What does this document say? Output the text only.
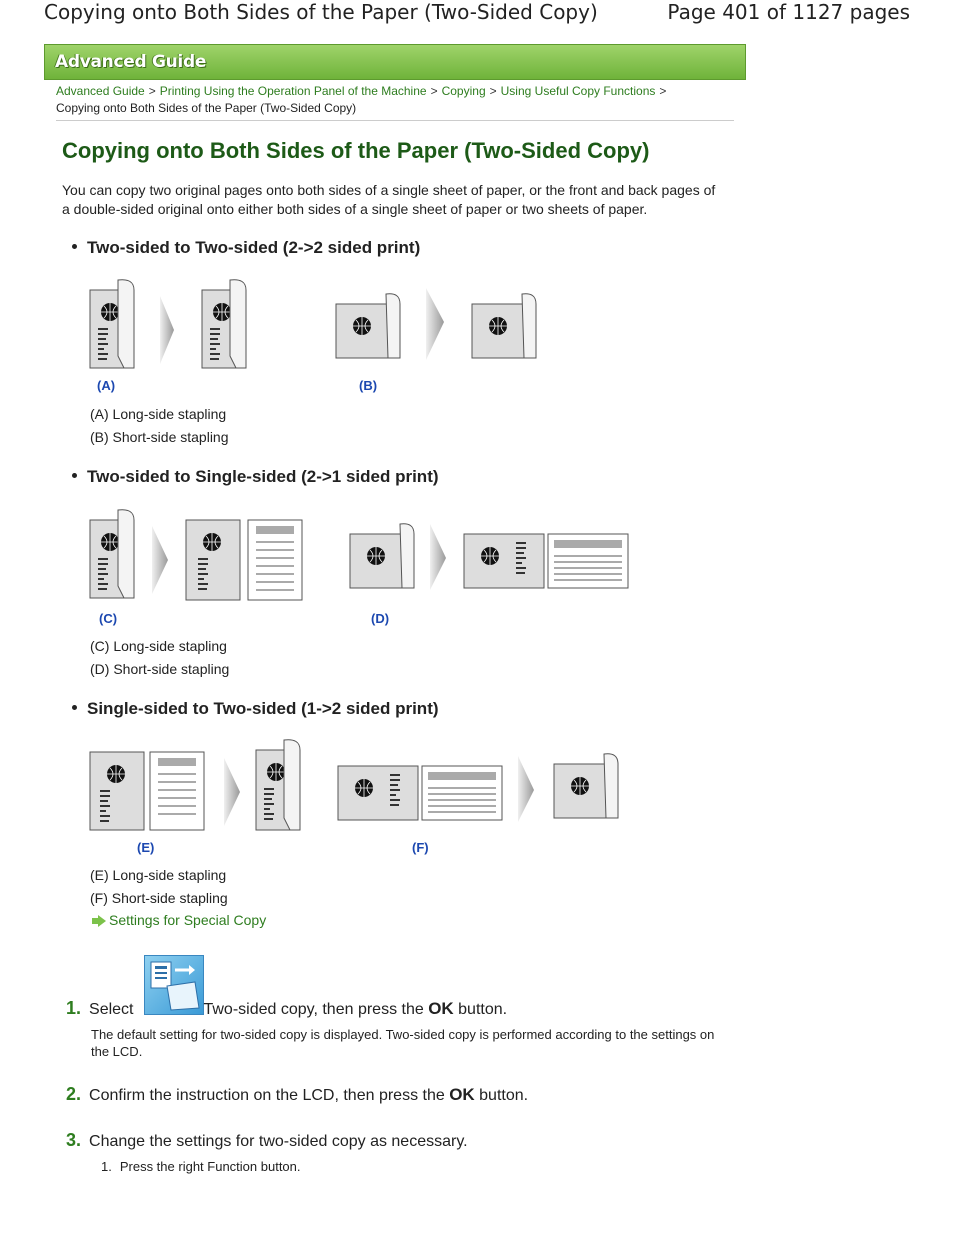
Copying onto Both Sides of the Paper (Two-Sided Copy)	Page 401 of 1127 pages
Advanced Guide
Advanced Guide > Printing Using the Operation Panel of the Machine > Copying > Using Useful Copy Functions >
Copying onto Both Sides of the Paper (Two-Sided Copy)
Copying onto Both Sides of the Paper (Two-Sided Copy)
You can copy two original pages onto both sides of a single sheet of paper, or the front and back pages of a double-sided original onto either both sides of a single sheet of paper or two sheets of paper.
Two-sided to Two-sided (2->2 sided print)
(A)	(B)
(A) Long-side stapling
(B) Short-side stapling
Two-sided to Single-sided (2->1 sided print)
(C)	(D)
(C) Long-side stapling
(D) Short-side stapling
Single-sided to Two-sided (1->2 sided print)
(E)	(F)
(E) Long-side stapling
(F) Short-side stapling
Settings for Special Copy
1. Select	Two-sided copy, then press the OK button.
The default setting for two-sided copy is displayed. Two-sided copy is performed according to the settings on the LCD.
2. Confirm the instruction on the LCD, then press the OK button.
3. Change the settings for two-sided copy as necessary.
1. Press the right Function button.
